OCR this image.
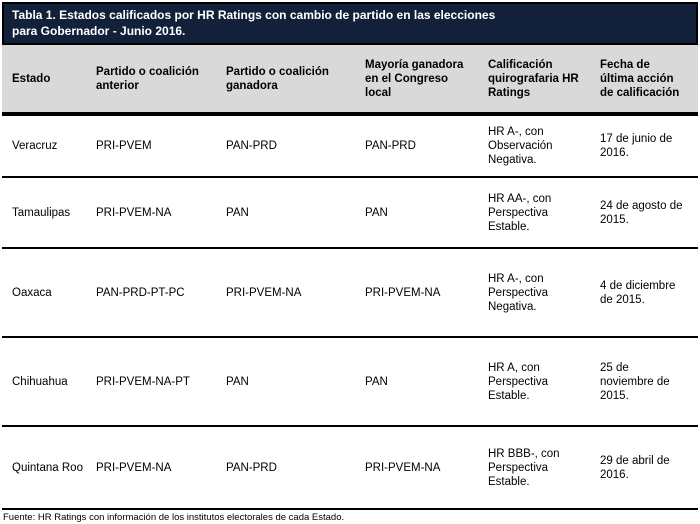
Tabla 1. Estados calificados por HR Ratings con cambio de partido en las elecciones
para Gobernador - Junio 2016.
Estado	Partido o coalición anterior	Partido o coalición ganadora	Mayoría ganadora en el Congreso local	Calificación quirografaria HR Ratings	Fecha de última acción de calificación
Veracruz	PRI-PVEM	PAN-PRD	PAN-PRD	HR A-, con Observación Negativa.	17 de junio de 2016.
Tamaulipas	PRI-PVEM-NA	PAN	PAN	HR AA-, con Perspectiva Estable.	24 de agosto de 2015.
Oaxaca	PAN-PRD-PT-PC	PRI-PVEM-NA	PRI-PVEM-NA	HR A-, con Perspectiva Negativa.	4 de diciembre de 2015.
Chihuahua	PRI-PVEM-NA-PT	PAN	PAN	HR A, con Perspectiva Estable.	25 de noviembre de 2015.
Quintana Roo	PRI-PVEM-NA	PAN-PRD	PRI-PVEM-NA	HR BBB-, con Perspectiva Estable.	29 de abril de 2016.
Fuente: HR Ratings con información de los institutos electorales de cada Estado.
